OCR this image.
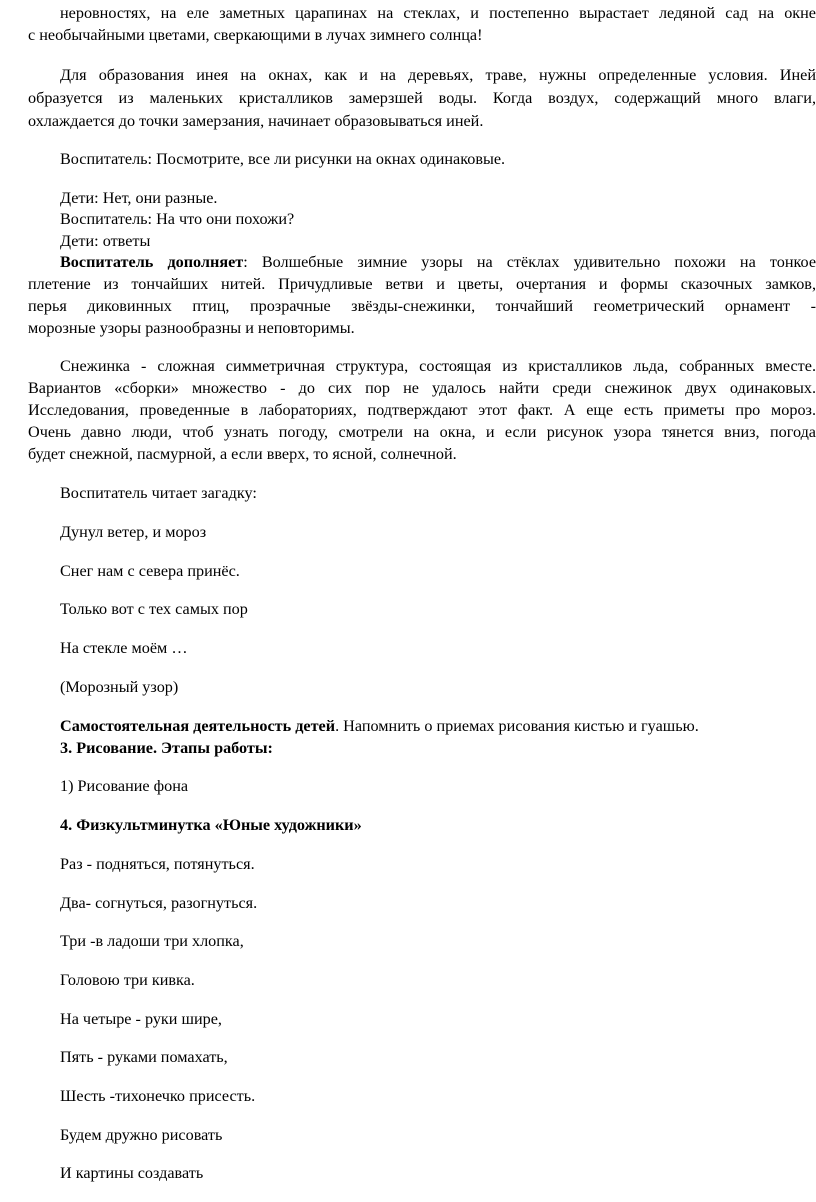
неровностях, на еле заметных царапинах на стеклах, и постепенно вырастает ледяной сад на окне
с необычайными цветами, сверкающими в лучах зимнего солнца!
Для образования инея на окнах, как и на деревьях, траве, нужны определенные условия. Иней
образуется из маленьких кристалликов замерзшей воды. Когда воздух, содержащий много влаги,
охлаждается до точки замерзания, начинает образовываться иней.
Воспитатель: Посмотрите, все ли рисунки на окнах одинаковые.
Дети: Нет, они разные.
Воспитатель: На что они похожи?
Дети: ответы
Воспитатель дополняет: Волшебные зимние узоры на стёклах удивительно похожи на тонкое
плетение из тончайших нитей. Причудливые ветви и цветы, очертания и формы сказочных замков,
перья диковинных птиц, прозрачные звёзды-снежинки, тончайший геометрический орнамент -
морозные узоры разнообразны и неповторимы.
Снежинка - сложная симметричная структура, состоящая из кристалликов льда, собранных вместе.
Вариантов «сборки» множество - до сих пор не удалось найти среди снежинок двух одинаковых.
Исследования, проведенные в лабораториях, подтверждают этот факт. А еще есть приметы про мороз.
Очень давно люди, чтоб узнать погоду, смотрели на окна, и если рисунок узора тянется вниз, погода
будет снежной, пасмурной, а если вверх, то ясной, солнечной.
Воспитатель читает загадку:
Дунул ветер, и мороз
Снег нам с севера принёс.
Только вот с тех самых пор
На стекле моём …
(Морозный узор)
Самостоятельная деятельность детей. Напомнить о приемах рисования кистью и гуашью.
3. Рисование. Этапы работы:
1) Рисование фона
4. Физкультминутка «Юные художники»
Раз - подняться, потянуться.
Два- согнуться, разогнуться.
Три -в ладоши три хлопка,
Головою три кивка.
На четыре - руки шире,
Пять - руками помахать,
Шесть -тихонечко присесть.
Будем дружно рисовать
И картины создавать
